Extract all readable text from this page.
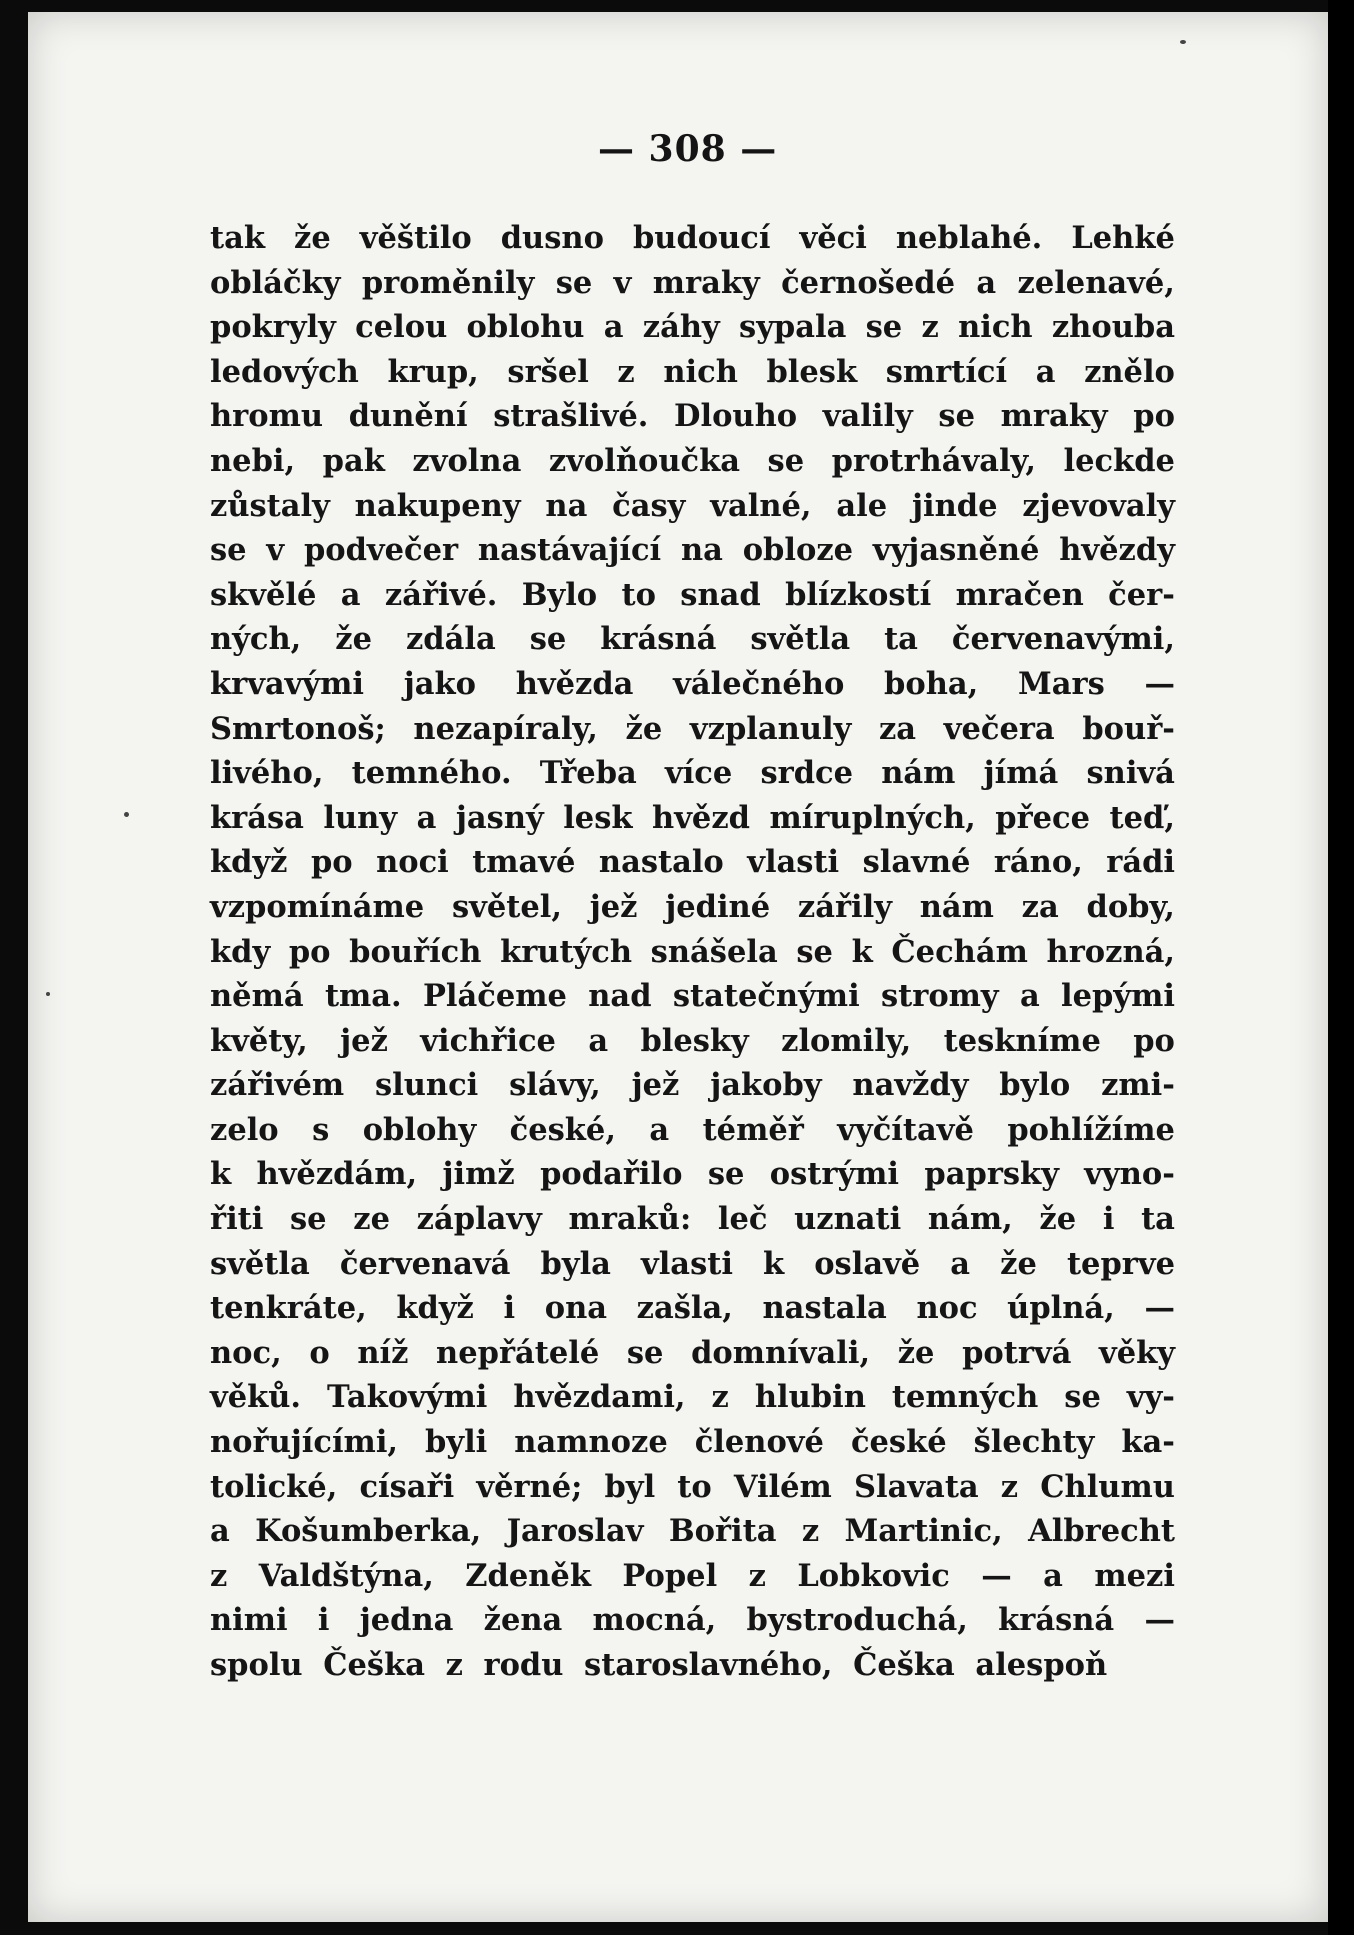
— 308 —
tak že věštilo dusno budoucí věci neblahé. Lehké
obláčky proměnily se v mraky černošedé a zelenavé,
pokryly celou oblohu a záhy sypala se z nich zhouba
ledových krup, sršel z nich blesk smrtící a znělo
hromu dunění strašlivé. Dlouho valily se mraky po
nebi, pak zvolna zvolňoučka se protrhávaly, leckde
zůstaly nakupeny na časy valné, ale jinde zjevovaly
se v podvečer nastávající na obloze vyjasněné hvězdy
skvělé a zářivé. Bylo to snad blízkostí mračen čer-
ných, že zdála se krásná světla ta červenavými,
krvavými jako hvězda válečného boha, Mars —
Smrtonoš; nezapíraly, že vzplanuly za večera bouř-
livého, temného. Třeba více srdce nám jímá snivá
krása luny a jasný lesk hvězd míruplných, přece teď,
když po noci tmavé nastalo vlasti slavné ráno, rádi
vzpomínáme světel, jež jediné zářily nám za doby,
kdy po bouřích krutých snášela se k Čechám hrozná,
němá tma. Pláčeme nad statečnými stromy a lepými
květy, jež vichřice a blesky zlomily, teskníme po
zářivém slunci slávy, jež jakoby navždy bylo zmi-
zelo s oblohy české, a téměř vyčítavě pohlížíme
k hvězdám, jimž podařilo se ostrými paprsky vyno-
řiti se ze záplavy mraků: leč uznati nám, že i ta
světla červenavá byla vlasti k oslavě a že teprve
tenkráte, když i ona zašla, nastala noc úplná, —
noc, o níž nepřátelé se domnívali, že potrvá věky
věků. Takovými hvězdami, z hlubin temných se vy-
nořujícími, byli namnoze členové české šlechty ka-
tolické, císaři věrné; byl to Vilém Slavata z Chlumu
a Košumberka, Jaroslav Bořita z Martinic, Albrecht
z Valdštýna, Zdeněk Popel z Lobkovic — a mezi
nimi i jedna žena mocná, bystroduchá, krásná —
spolu Češka z rodu staroslavného, Češka alespoň
